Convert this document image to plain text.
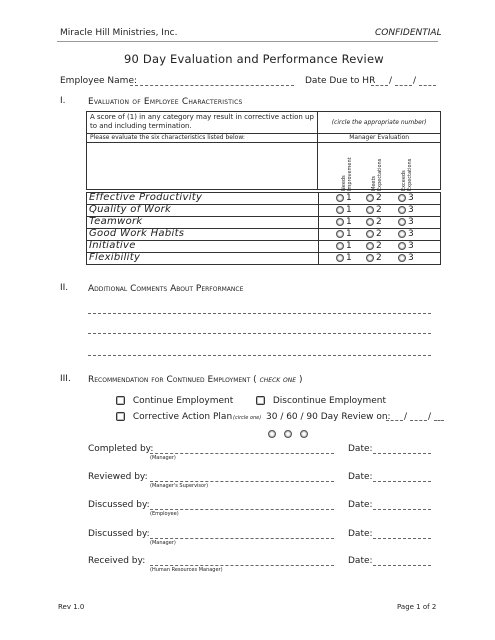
Miracle Hill Ministries, Inc.	CONFIDENTIAL
90 Day Evaluation and Performance Review
Employee Name:	Date Due to HR / /
I. Evaluation of Employee Characteristics
A score of (1) in any category may result in corrective action up to and including termination.	(circle the appropriate number)

Please evaluate the six characteristics listed below:	Manager Evaluation

Needs Improvement	Meets Expectations	Exceeds Expectations
Effective Productivity	1	2	3
Quality of Work	1	2	3
Teamwork	1	2	3
Good Work Habits	1	2	3
Initiative	1	2	3
Flexibility	1	2	3
II. Additional Comments About Performance
III. Recommendation for Continued Employment ( check one )
Continue Employment	Discontinue Employment
Corrective Action Plan (circle one) 30 / 60 / 90 Day Review on: / /
Completed by:
(Manager)
Date:
Reviewed by:
(Manager's Supervisor)
Date:
Discussed by:
(Employee)
Date:
Discussed by:
(Manager)
Date:
Received by:
(Human Resources Manager)
Date:
Rev 1.0	Page 1 of 2
